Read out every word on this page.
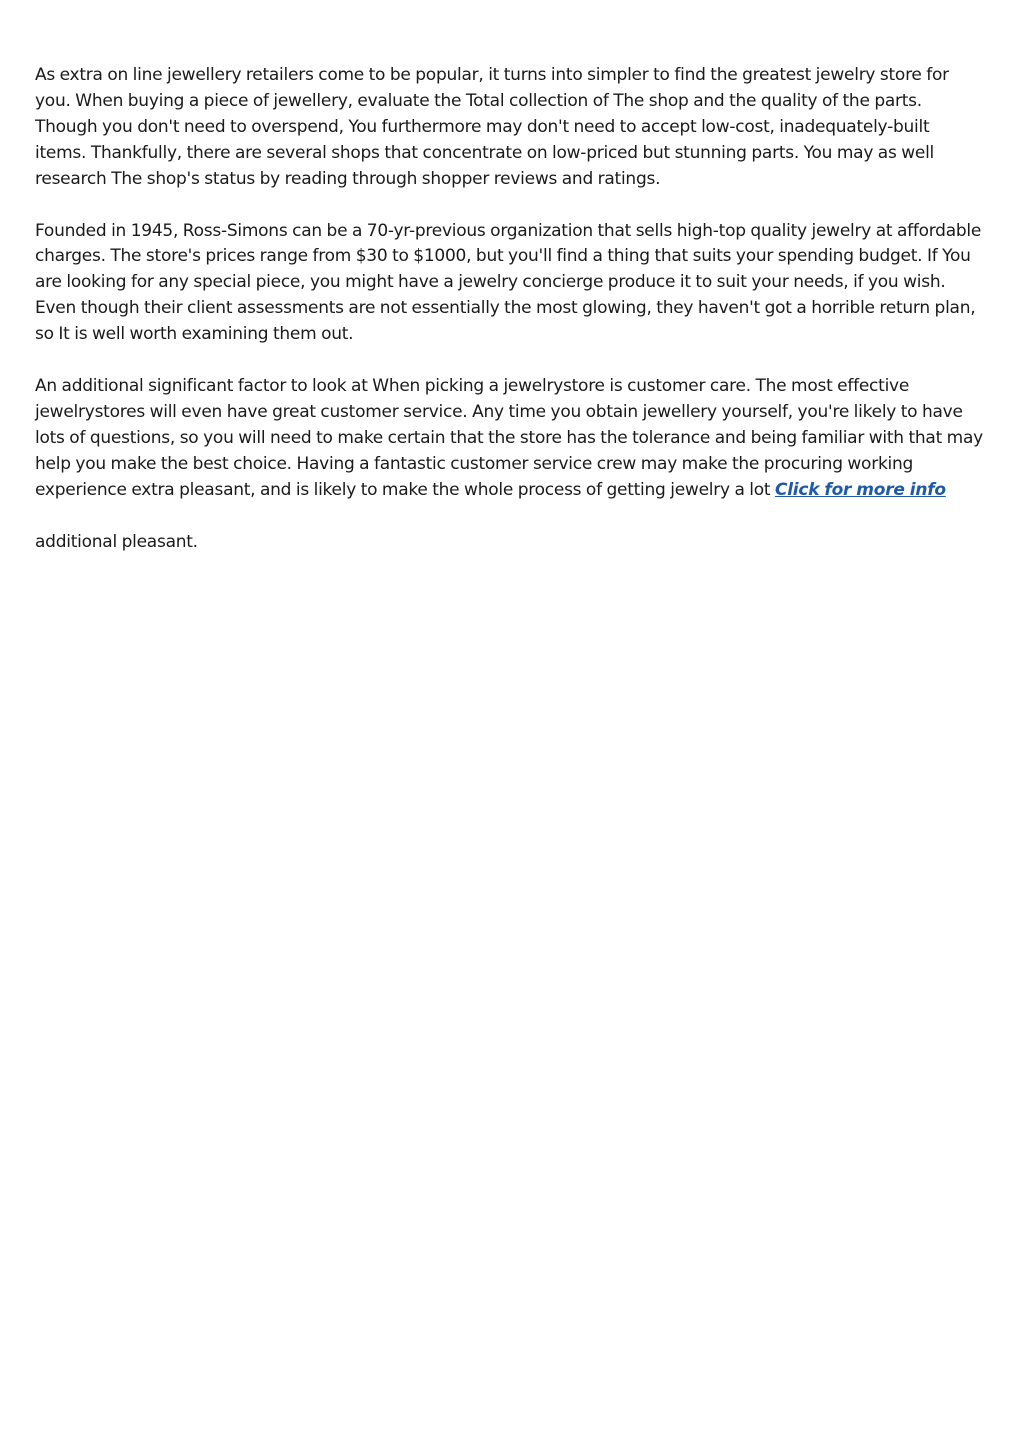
As extra on line jewellery retailers come to be popular, it turns into simpler to find the greatest jewelry store for you. When buying a piece of jewellery, evaluate the Total collection of The shop and the quality of the parts. Though you don't need to overspend, You furthermore may don't need to accept low-cost, inadequately-built items. Thankfully, there are several shops that concentrate on low-priced but stunning parts. You may as well research The shop's status by reading through shopper reviews and ratings.

Founded in 1945, Ross-Simons can be a 70-yr-previous organization that sells high-top quality jewelry at affordable charges. The store's prices range from $30 to $1000, but you'll find a thing that suits your spending budget. If You are looking for any special piece, you might have a jewelry concierge produce it to suit your needs, if you wish. Even though their client assessments are not essentially the most glowing, they haven't got a horrible return plan, so It is well worth examining them out.

An additional significant factor to look at When picking a jewelrystore is customer care. The most effective jewelrystores will even have great customer service. Any time you obtain jewellery yourself, you're likely to have lots of questions, so you will need to make certain that the store has the tolerance and being familiar with that may help you make the best choice. Having a fantastic customer service crew may make the procuring working experience extra pleasant, and is likely to make the whole process of getting jewelry a lot Click for more info

additional pleasant.
